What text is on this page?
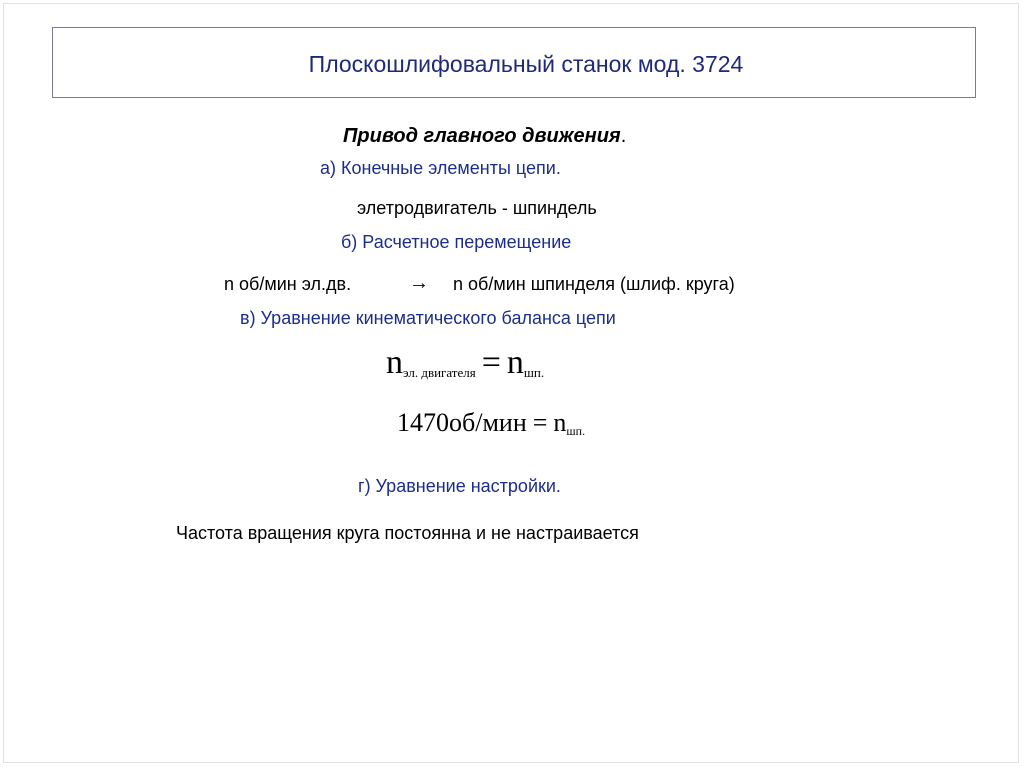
Плоскошлифовальный станок мод. 3724
Привод главного движения.
а) Конечные элементы цепи.
элетродвигатель - шпиндель
б) Расчетное перемещение
n об/мин эл.дв.	→ n об/мин шпинделя (шлиф. круга)
в) Уравнение кинематического баланса цепи
$n_{эл. двигателя} = n_{шп.}$
1470об/мин = nшп.
г) Уравнение настройки.
Частота вращения круга постоянна и не настраивается
